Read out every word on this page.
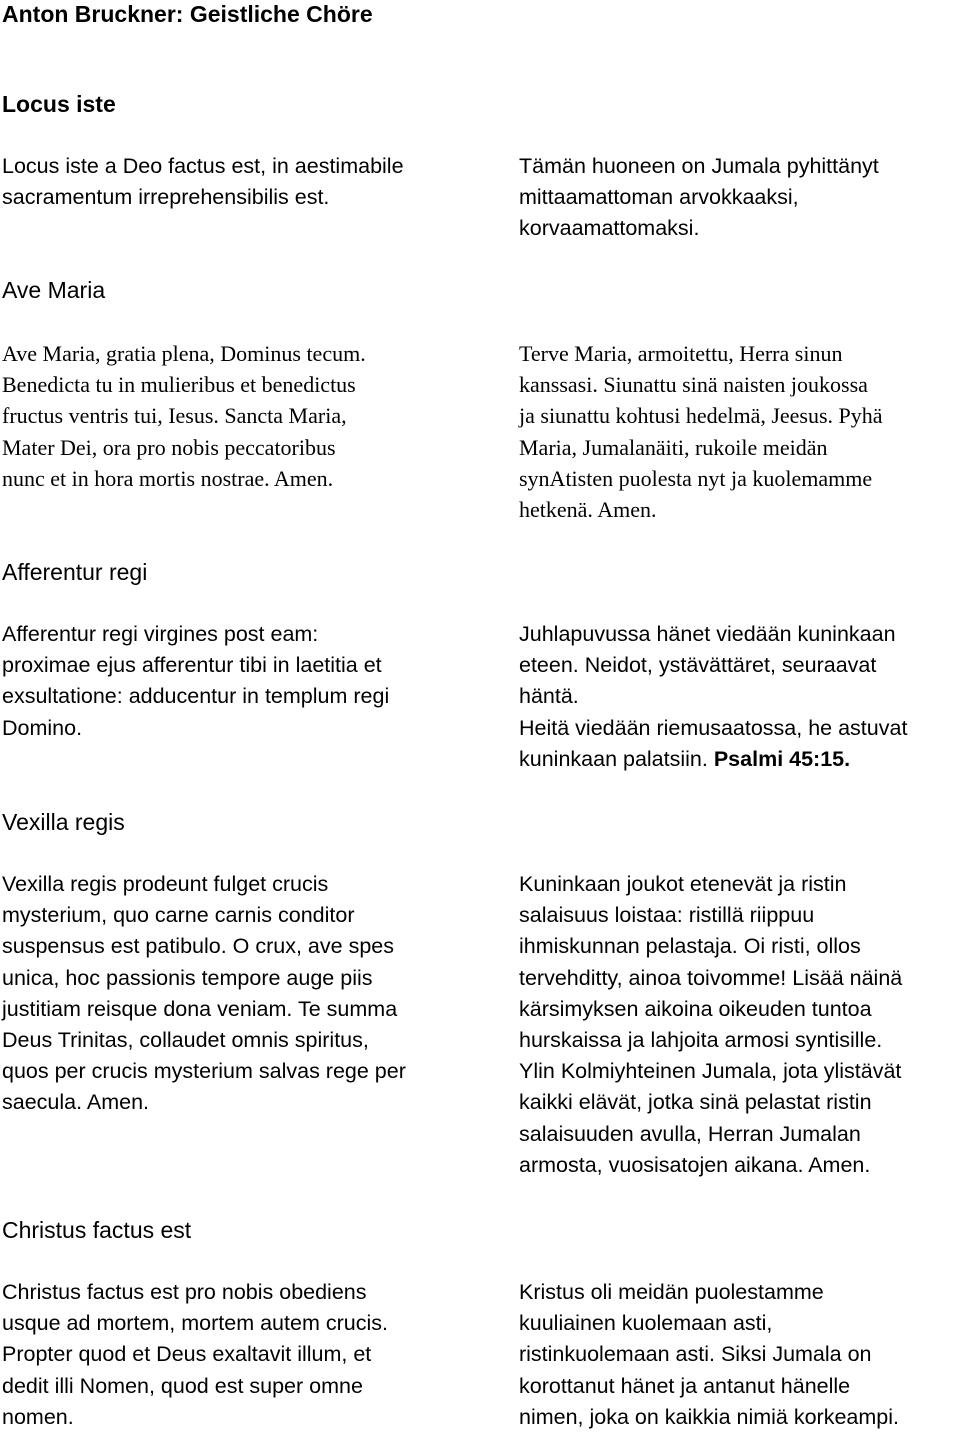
Anton Bruckner: Geistliche Chöre
Locus iste

Locus iste a Deo factus est, in aestimabile
sacramentum irreprehensibilis est.

Tämän huoneen on Jumala pyhittänyt
mittaamattoman arvokkaaksi,
korvaamattomaksi.

Ave Maria

Ave Maria, gratia plena, Dominus tecum.
Benedicta tu in mulieribus et benedictus
fructus ventris tui, Iesus. Sancta Maria,
Mater Dei, ora pro nobis peccatoribus
nunc et in hora mortis nostrae. Amen.

Terve Maria, armoitettu, Herra sinun
kanssasi. Siunattu sinä naisten joukossa
ja siunattu kohtusi hedelmä, Jeesus. Pyhä
Maria, Jumalanäiti, rukoile meidän
synAtisten puolesta nyt ja kuolemamme
hetkenä. Amen.

Afferentur regi

Afferentur regi virgines post eam:
proximae ejus afferentur tibi in laetitia et
exsultatione: adducentur in templum regi
Domino.

Juhlapuvussa hänet viedään kuninkaan
eteen. Neidot, ystävättäret, seuraavat
häntä.
Heitä viedään riemusaatossa, he astuvat
kuninkaan palatsiin. Psalmi 45:15.

Vexilla regis

Vexilla regis prodeunt fulget crucis
mysterium, quo carne carnis conditor
suspensus est patibulo. O crux, ave spes
unica, hoc passionis tempore auge piis
justitiam reisque dona veniam. Te summa
Deus Trinitas, collaudet omnis spiritus,
quos per crucis mysterium salvas rege per
saecula. Amen.

Kuninkaan joukot etenevät ja ristin
salaisuus loistaa: ristillä riippuu
ihmiskunnan pelastaja. Oi risti, ollos
tervehditty, ainoa toivomme! Lisää näinä
kärsimyksen aikoina oikeuden tuntoa
hurskaissa ja lahjoita armosi syntisille.
Ylin Kolmiyhteinen Jumala, jota ylistävät
kaikki elävät, jotka sinä pelastat ristin
salaisuuden avulla, Herran Jumalan
armosta, vuosisatojen aikana. Amen.

Christus factus est

Christus factus est pro nobis obediens
usque ad mortem, mortem autem crucis.
Propter quod et Deus exaltavit illum, et
dedit illi Nomen, quod est super omne
nomen.

Kristus oli meidän puolestamme
kuuliainen kuolemaan asti,
ristinkuolemaan asti. Siksi Jumala on
korottanut hänet ja antanut hänelle
nimen, joka on kaikkia nimiä korkeampi.
